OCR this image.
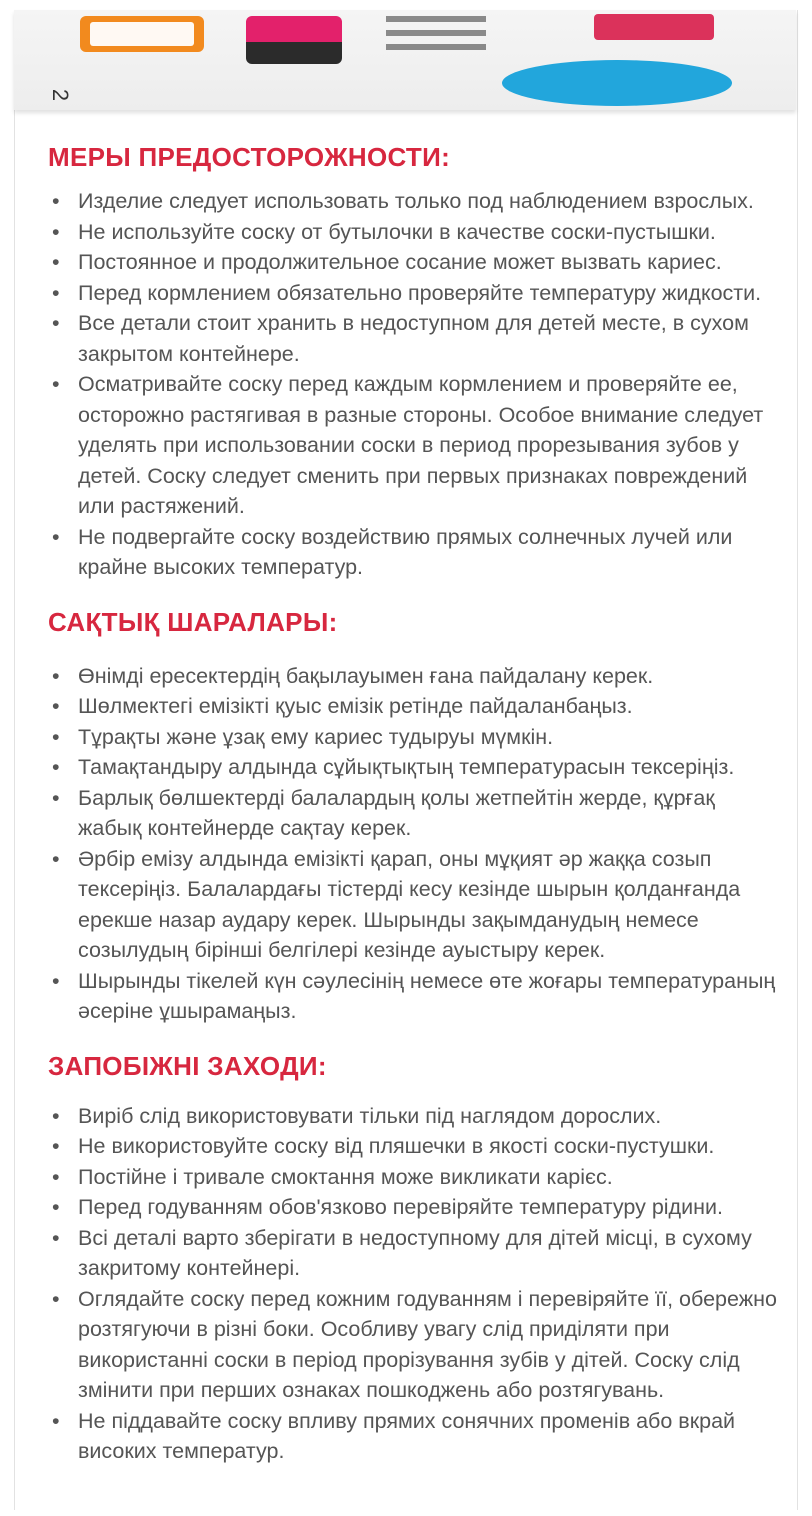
2
МЕРЫ ПРЕДОСТОРОЖНОСТИ:
• Изделие следует использовать только под наблюдением взрослых.
• Не используйте соску от бутылочки в качестве соски-пустышки.
• Постоянное и продолжительное сосание может вызвать кариес.
• Перед кормлением обязательно проверяйте температуру жидкости.
• Все детали стоит хранить в недоступном для детей месте, в сухом закрытом контейнере.
• Осматривайте соску перед каждым кормлением и проверяйте ее, осторожно растягивая в разные стороны. Особое внимание следует уделять при использовании соски в период прорезывания зубов у детей. Соску следует сменить при первых признаках повреждений или растяжений.
• Не подвергайте соску воздействию прямых солнечных лучей или крайне высоких температур.
САҚТЫҚ ШАРАЛАРЫ:
• Өнімді ересектердің бақылауымен ғана пайдалану керек.
• Шөлмектегі емізікті қуыс емізік ретінде пайдаланбаңыз.
• Тұрақты және ұзақ ему кариес тудыруы мүмкін.
• Тамақтандыру алдында сұйықтықтың температурасын тексеріңіз.
• Барлық бөлшектерді балалардың қолы жетпейтін жерде, құрғақ жабық контейнерде сақтау керек.
• Әрбір емізу алдында емізікті қарап, оны мұқият әр жаққа созып тексеріңіз. Балалардағы тістерді кесу кезінде шырын қолданғанда ерекше назар аудару керек. Шырынды зақымданудың немесе созылудың бірінші белгілері кезінде ауыстыру керек.
• Шырынды тікелей күн сәулесінің немесе өте жоғары температураның әсеріне ұшырамаңыз.
ЗАПОБІЖНІ ЗАХОДИ:
• Виріб слід використовувати тільки під наглядом дорослих.
• Не використовуйте соску від пляшечки в якості соски-пустушки.
• Постійне і тривале смоктання може викликати карієс.
• Перед годуванням обов'язково перевіряйте температуру рідини.
• Всі деталі варто зберігати в недоступному для дітей місці, в сухому закритому контейнері.
• Оглядайте соску перед кожним годуванням і перевіряйте її, обережно розтягуючи в різні боки. Особливу увагу слід приділяти при використанні соски в період прорізування зубів у дітей. Соску слід змінити при перших ознаках пошкоджень або розтягувань.
• Не піддавайте соску впливу прямих сонячних променів або вкрай високих температур.
